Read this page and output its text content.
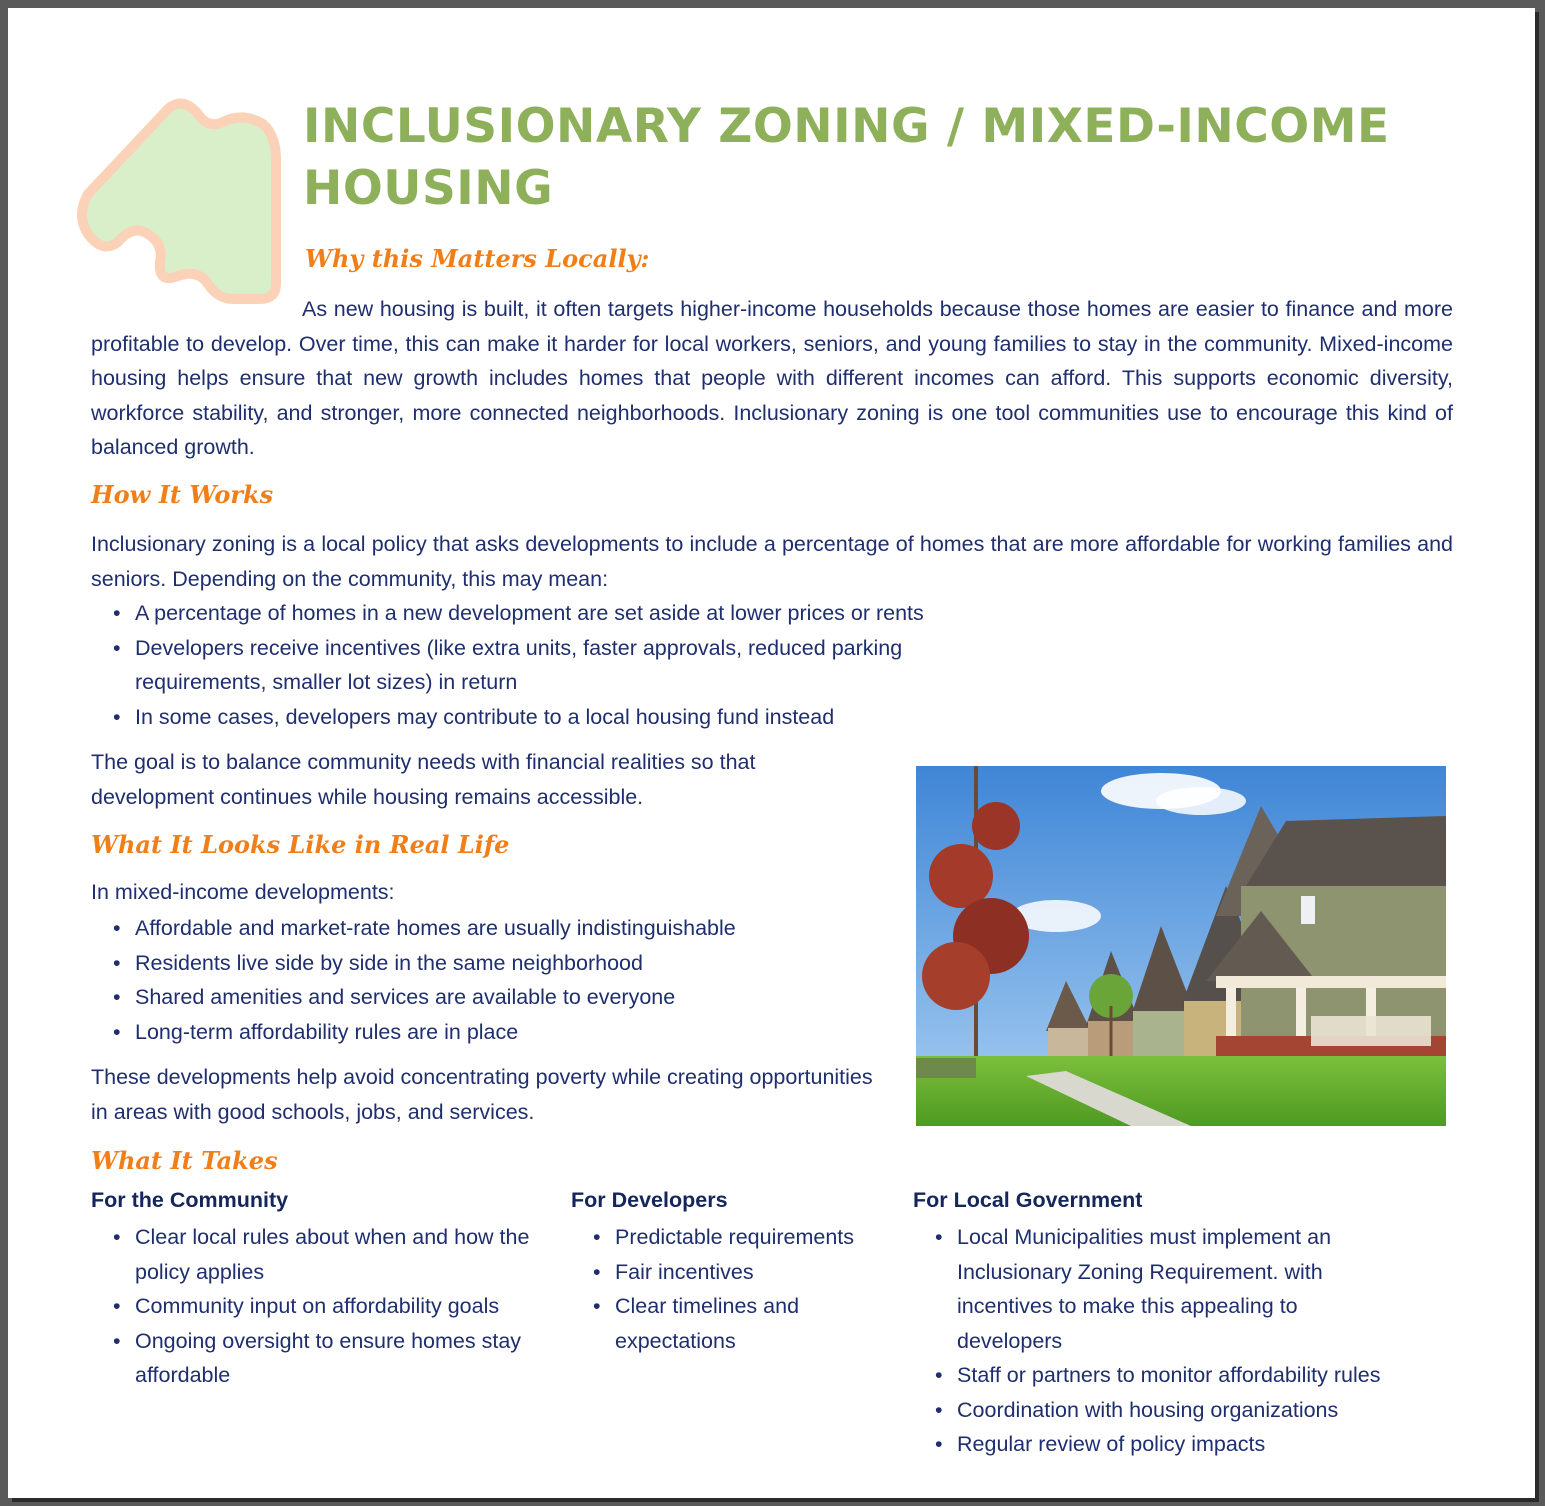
INCLUSIONARY ZONING / MIXED-INCOME HOUSING
Why this Matters Locally:

As new housing is built, it often targets higher-income households because those homes are easier to finance and more profitable to develop. Over time, this can make it harder for local workers, seniors, and young families to stay in the community. Mixed-income housing helps ensure that new growth includes homes that people with different incomes can afford. This supports economic diversity, workforce stability, and stronger, more connected neighborhoods. Inclusionary zoning is one tool communities use to encourage this kind of balanced growth.

How It Works

Inclusionary zoning is a local policy that asks developments to include a percentage of homes that are more affordable for working families and seniors. Depending on the community, this may mean:

• A percentage of homes in a new development are set aside at lower prices or rents
• Developers receive incentives (like extra units, faster approvals, reduced parking requirements, smaller lot sizes) in return
• In some cases, developers may contribute to a local housing fund instead

The goal is to balance community needs with financial realities so that development continues while housing remains accessible.

What It Looks Like in Real Life

In mixed-income developments:

• Affordable and market-rate homes are usually indistinguishable
• Residents live side by side in the same neighborhood
• Shared amenities and services are available to everyone
• Long-term affordability rules are in place

These developments help avoid concentrating poverty while creating opportunities in areas with good schools, jobs, and services.

What It Takes
For the Community
• Clear local rules about when and how the policy applies
• Community input on affordability goals
• Ongoing oversight to ensure homes stay affordable
For Developers
• Predictable requirements
• Fair incentives
• Clear timelines and expectations
For Local Government
• Local Municipalities must implement an Inclusionary Zoning Requirement. with incentives to make this appealing to developers
• Staff or partners to monitor affordability rules
• Coordination with housing organizations
• Regular review of policy impacts
